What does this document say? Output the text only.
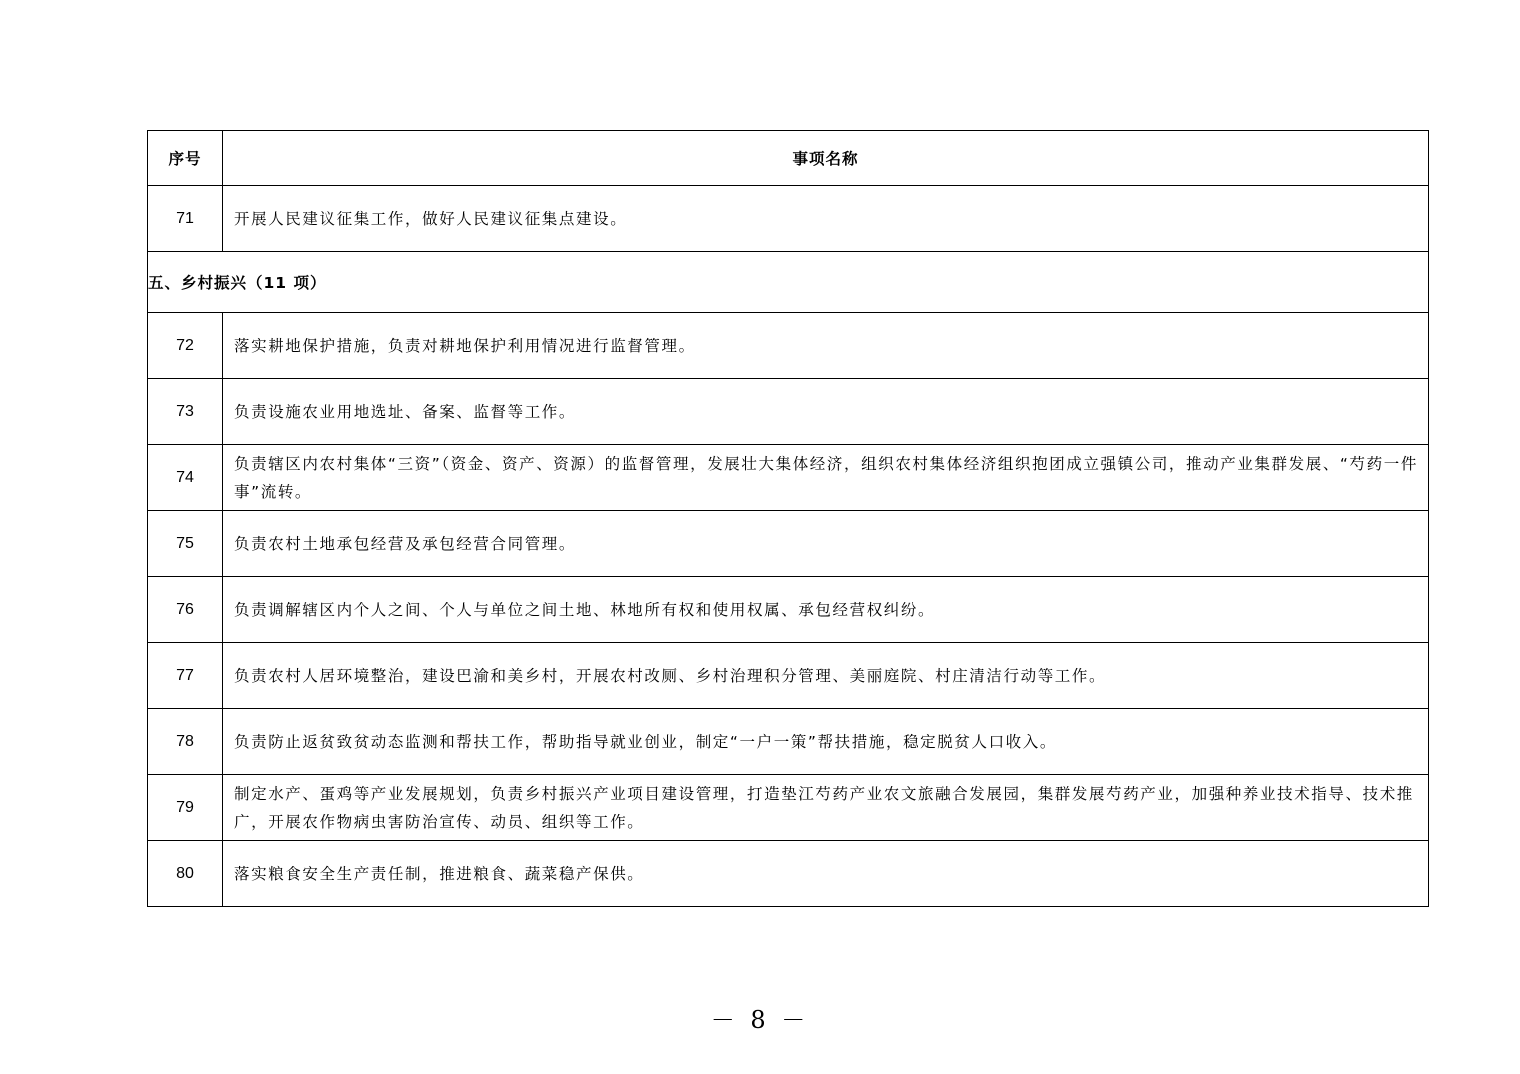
序号	事项名称
71	开展人民建议征集工作，做好人民建议征集点建设。
五、乡村振兴（11 项）	
72	落实耕地保护措施，负责对耕地保护利用情况进行监督管理。
73	负责设施农业用地选址、备案、监督等工作。
74	负责辖区内农村集体“三资”（资金、资产、资源）的监督管理，发展壮大集体经济，组织农村集体经济组织抱团成立强镇公司，推动产业集群发展、“芍药一件事”流转。
75	负责农村土地承包经营及承包经营合同管理。
76	负责调解辖区内个人之间、个人与单位之间土地、林地所有权和使用权属、承包经营权纠纷。
77	负责农村人居环境整治，建设巴渝和美乡村，开展农村改厕、乡村治理积分管理、美丽庭院、村庄清洁行动等工作。
78	负责防止返贫致贫动态监测和帮扶工作，帮助指导就业创业，制定“一户一策”帮扶措施，稳定脱贫人口收入。
79	制定水产、蛋鸡等产业发展规划，负责乡村振兴产业项目建设管理，打造垫江芍药产业农文旅融合发展园，集群发展芍药产业，加强种养业技术指导、技术推广，开展农作物病虫害防治宣传、动员、组织等工作。
80	落实粮食安全生产责任制，推进粮食、蔬菜稳产保供。
－ 8 －
